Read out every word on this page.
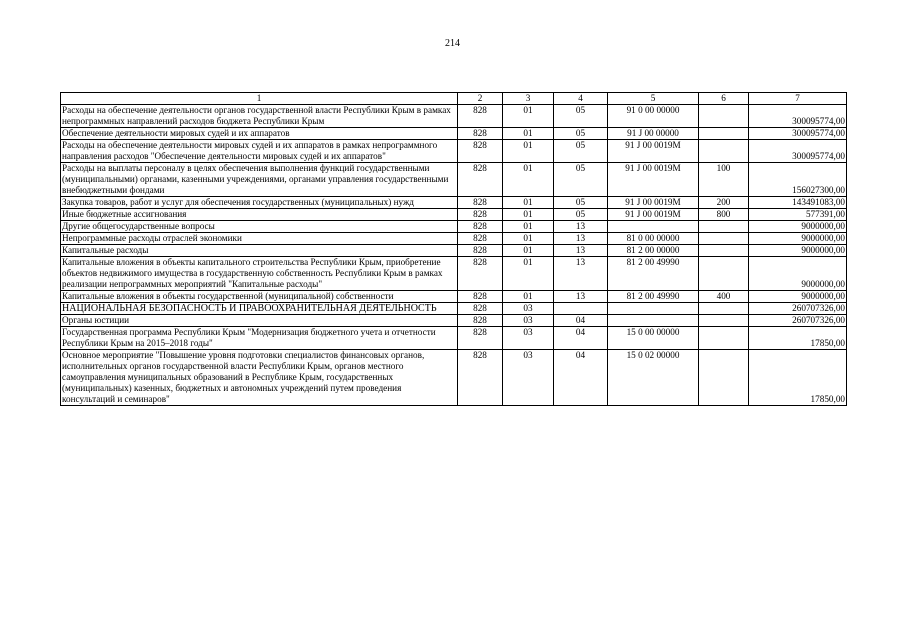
214
1	2	3	4	5	6	7
Расходы на обеспечение деятельности органов государственной власти Республики Крым в рамках непрограммных направлений расходов бюджета Республики Крым	828	01	05	91 0 00 00000		300095774,00
Обеспечение деятельности мировых судей и их аппаратов	828	01	05	91 J 00 00000		300095774,00
Расходы на обеспечение деятельности мировых судей и их аппаратов в рамках непрограммного направления расходов "Обеспечение деятельности мировых судей и их аппаратов"	828	01	05	91 J 00 0019М		300095774,00
Расходы на выплаты персоналу в целях обеспечения выполнения функций государственными (муниципальными) органами, казенными учреждениями, органами управления государственными внебюджетными фондами	828	01	05	91 J 00 0019М	100	156027300,00
Закупка товаров, работ и услуг для обеспечения государственных (муниципальных) нужд	828	01	05	91 J 00 0019М	200	143491083,00
Иные бюджетные ассигнования	828	01	05	91 J 00 0019М	800	577391,00
Другие общегосударственные вопросы	828	01	13			9000000,00
Непрограммные расходы отраслей экономики	828	01	13	81 0 00 00000		9000000,00
Капитальные расходы	828	01	13	81 2 00 00000		9000000,00
Капитальные вложения в объекты капитального строительства Республики Крым, приобретение объектов недвижимого имущества в государственную собственность Республики Крым в рамках реализации непрограммных мероприятий "Капитальные расходы"	828	01	13	81 2 00 49990		9000000,00
Капитальные вложения в объекты государственной (муниципальной) собственности	828	01	13	81 2 00 49990	400	9000000,00
НАЦИОНАЛЬНАЯ БЕЗОПАСНОСТЬ И ПРАВООХРАНИТЕЛЬНАЯ ДЕЯТЕЛЬНОСТЬ	828	03				260707326,00
Органы юстиции	828	03	04			260707326,00
Государственная программа Республики Крым "Модернизация бюджетного учета и отчетности Республики Крым на 2015–2018 годы"	828	03	04	15 0 00 00000		17850,00
Основное мероприятие "Повышение уровня подготовки специалистов финансовых органов, исполнительных органов государственной власти Республики Крым, органов местного самоуправления муниципальных образований в Республике Крым, государственных (муниципальных) казенных, бюджетных и автономных учреждений путем проведения консультаций и семинаров"	828	03	04	15 0 02 00000		17850,00
